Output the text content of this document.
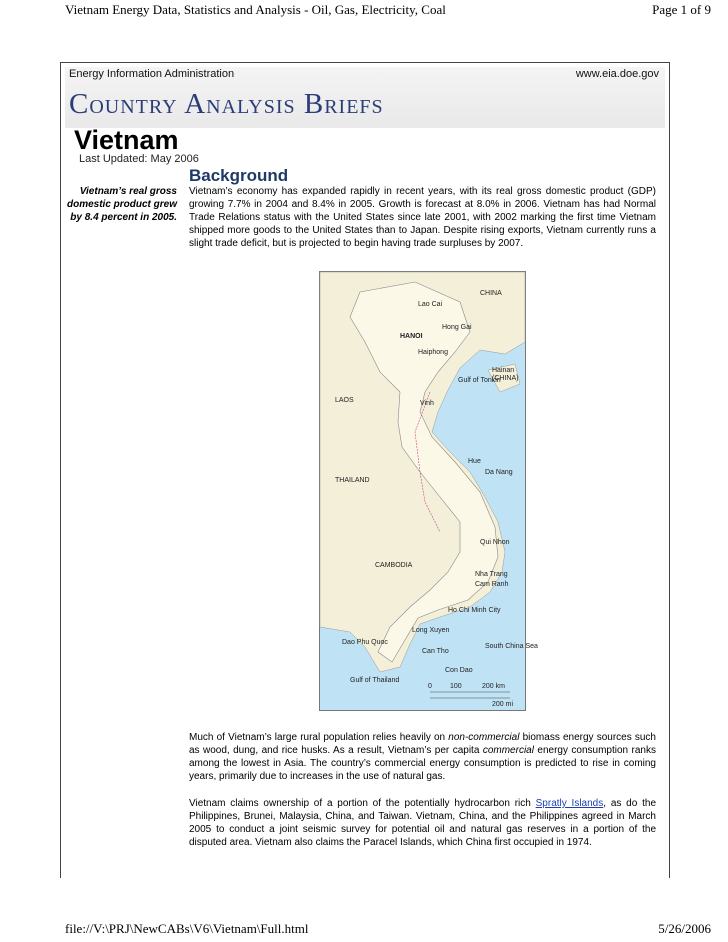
Vietnam Energy Data, Statistics and Analysis - Oil, Gas, Electricity, Coal	Page 1 of 9
Energy Information Administration	www.eia.doe.gov
Country Analysis Briefs
Vietnam
Last Updated: May 2006
Background
Vietnam’s real gross domestic product grew by 8.4 percent in 2005.
Vietnam’s economy has expanded rapidly in recent years, with its real gross domestic product (GDP) growing 7.7% in 2004 and 8.4% in 2005. Growth is forecast at 8.0% in 2006. Vietnam has had Normal Trade Relations status with the United States since late 2001, with 2002 marking the first time Vietnam shipped more goods to the United States than to Japan. Despite rising exports, Vietnam currently runs a slight trade deficit, but is projected to begin having trade surpluses by 2007.
CHINA
LAOS
THAILAND
CAMBODIA
Lao Cai
HANOI
Hong Gai
Haiphong
Vinh
Hue
Da Nang
Qui Nhon
Nha Trang
Cam Ranh
Ho Chi Minh City
Long Xuyen
Can Tho
Con Dao
Gulf of Tonkin
South China Sea
Gulf of Thailand
Hainan
(CHINA)
Dao Phu Quoc
0	100	200 km
200 mi
Much of Vietnam’s large rural population relies heavily on non-commercial biomass energy sources such as wood, dung, and rice husks. As a result, Vietnam’s per capita commercial energy consumption ranks among the lowest in Asia. The country’s commercial energy consumption is predicted to rise in coming years, primarily due to increases in the use of natural gas.
Vietnam claims ownership of a portion of the potentially hydrocarbon rich Spratly Islands, as do the Philippines, Brunei, Malaysia, China, and Taiwan. Vietnam, China, and the Philippines agreed in March 2005 to conduct a joint seismic survey for potential oil and natural gas reserves in a portion of the disputed area. Vietnam also claims the Paracel Islands, which China first occupied in 1974.
file://V:\PRJ\NewCABs\V6\Vietnam\Full.html	5/26/2006
